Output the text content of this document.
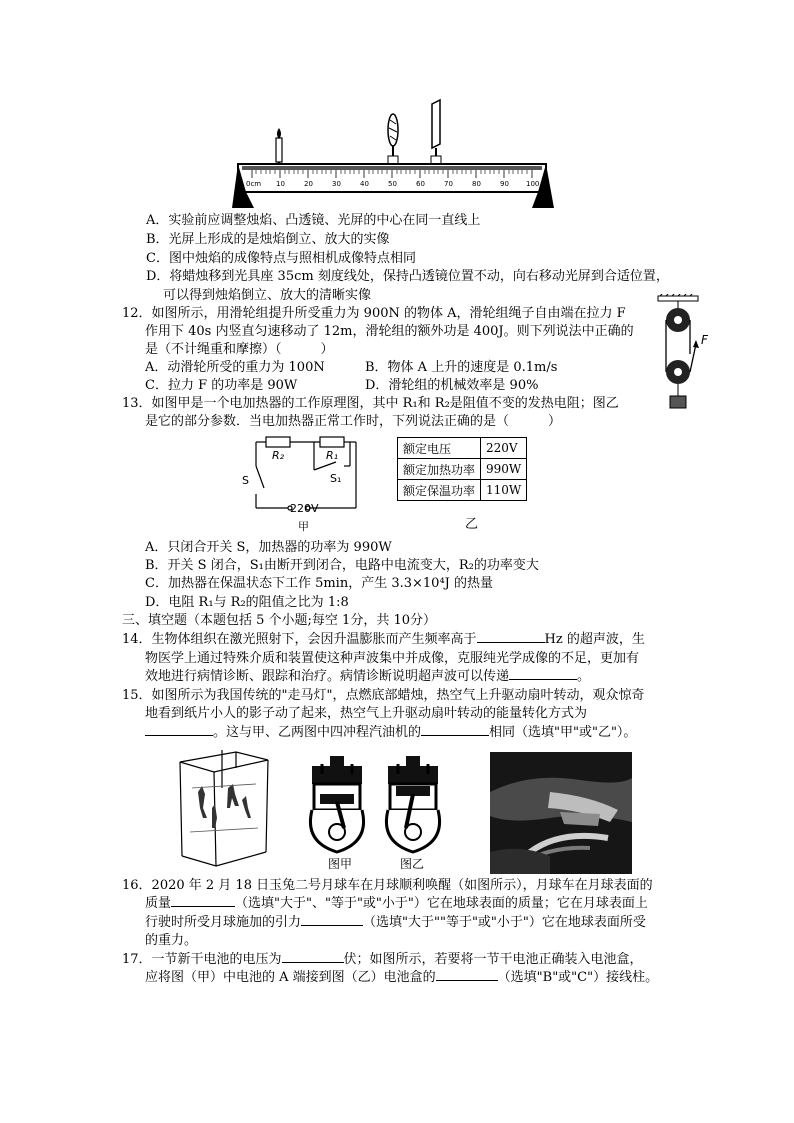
0cm 10	20	30	40	50	60	70	80	90 100
A．实验前应调整烛焰、凸透镜、光屏的中心在同一直线上
B．光屏上形成的是烛焰倒立、放大的实像
C．图中烛焰的成像特点与照相机成像特点相同
D．将蜡烛移到光具座 35cm 刻度线处，保持凸透镜位置不动，向右移动光屏到合适位置，
可以得到烛焰倒立、放大的清晰实像
12．如图所示，用滑轮组提升所受重力为 900N 的物体 A，滑轮组绳子自由端在拉力 F
作用下 40s 内竖直匀速移动了 12m，滑轮组的额外功是 400J。则下列说法中正确的
是（不计绳重和摩擦）（　　　）
A．动滑轮所受的重力为 100N	B．物体 A 上升的速度是 0.1m/s
C．拉力 F 的功率是 90W	D．滑轮组的机械效率是 90%
F
13．如图甲是一个电加热器的工作原理图，其中 R₁和 R₂是阻值不变的发热电阻；图乙
是它的部分参数．当电加热器正常工作时，下列说法正确的是（　　　）
R₂	R₁
S	S₁
220V
甲
额定电压	220V
额定加热功率	990W
额定保温功率	110W
乙
A．只闭合开关 S，加热器的功率为 990W
B．开关 S 闭合，S₁由断开到闭合，电路中电流变大，R₂的功率变大
C．加热器在保温状态下工作 5min，产生 3.3×10⁴J 的热量
D．电阻 R₁与 R₂的阻值之比为 1:8
三、填空题（本题包括 5 个小题;每空 1分，共 10分）
14．生物体组织在激光照射下，会因升温膨胀而产生频率高于	Hz 的超声波，生
物医学上通过特殊介质和装置使这种声波集中并成像，克服纯光学成像的不足，更加有
效地进行病情诊断、跟踪和治疗。病情诊断说明超声波可以传递	。
15．如图所示为我国传统的"走马灯"，点燃底部蜡烛，热空气上升驱动扇叶转动，观众惊奇
地看到纸片小人的影子动了起来，热空气上升驱动扇叶转动的能量转化方式为
。这与甲、乙两图中四冲程汽油机的	相同（选填"甲"或"乙"）。
图甲	图乙
16．2020 年 2 月 18 日玉兔二号月球车在月球顺利唤醒（如图所示），月球车在月球表面的
质量	（选填"大于"、"等于"或"小于"）它在地球表面的质量；它在月球表面上
行驶时所受月球施加的引力	（选填"大于""等于"或"小于"）它在地球表面所受
的重力。
17．一节新干电池的电压为	伏；如图所示，若要将一节干电池正确装入电池盒，
应将图（甲）中电池的 A 端接到图（乙）电池盒的	（选填"B"或"C"）接线柱。
